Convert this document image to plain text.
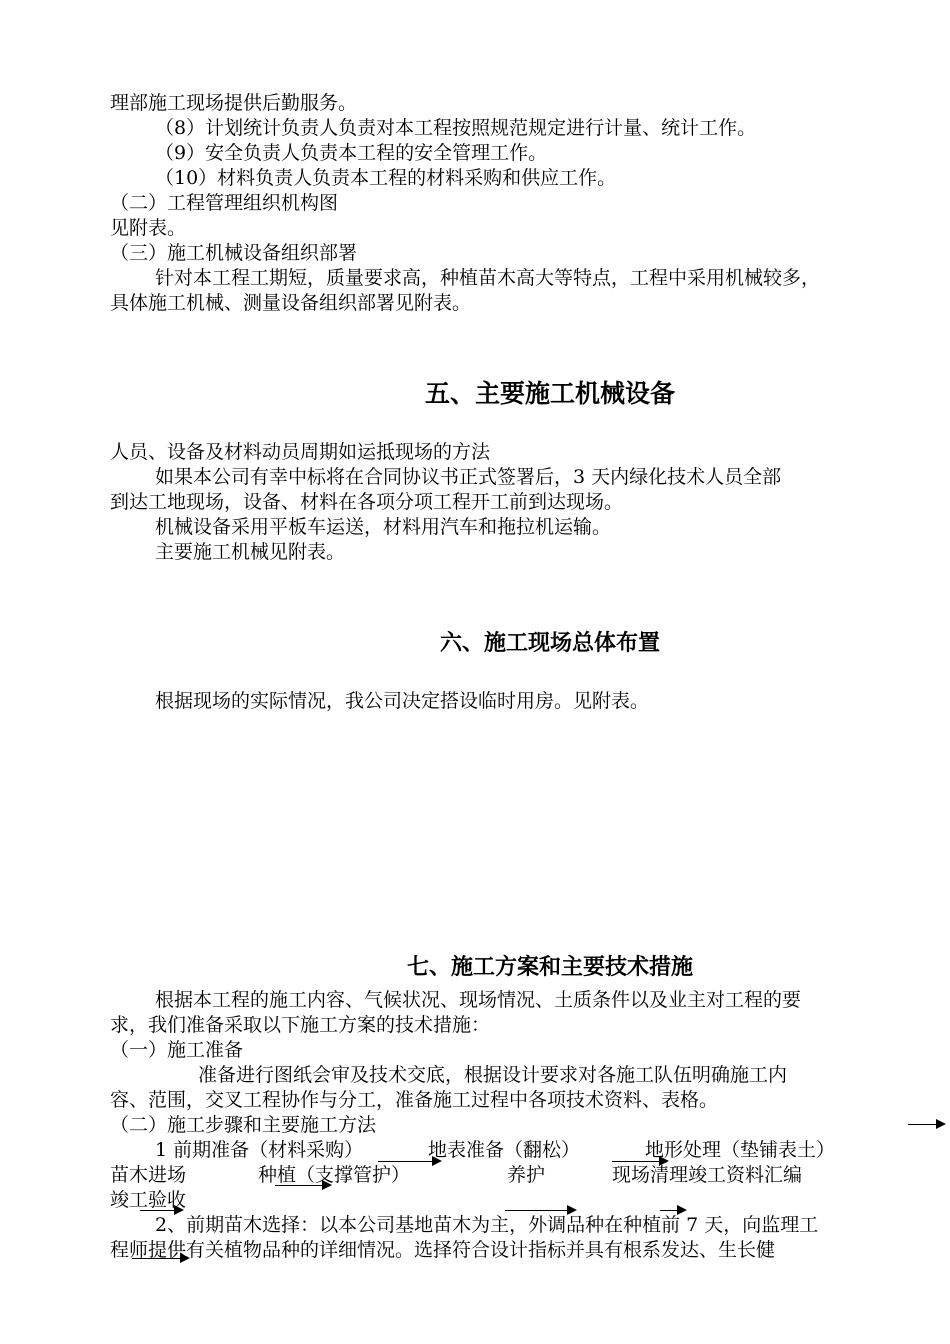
理部施工现场提供后勤服务。
（8）计划统计负责人负责对本工程按照规范规定进行计量、统计工作。
（9）安全负责人负责本工程的安全管理工作。
（10）材料负责人负责本工程的材料采购和供应工作。
（二）工程管理组织机构图
见附表。
（三）施工机械设备组织部署
针对本工程工期短，质量要求高，种植苗木高大等特点，工程中采用机械较多，
具体施工机械、测量设备组织部署见附表。
五、主要施工机械设备
人员、设备及材料动员周期如运抵现场的方法
如果本公司有幸中标将在合同协议书正式签署后，3 天内绿化技术人员全部
到达工地现场，设备、材料在各项分项工程开工前到达现场。
机械设备采用平板车运送，材料用汽车和拖拉机运输。
主要施工机械见附表。
六、施工现场总体布置
根据现场的实际情况，我公司决定搭设临时用房。见附表。
七、施工方案和主要技术措施
根据本工程的施工内容、气候状况、现场情况、土质条件以及业主对工程的要
求，我们准备采取以下施工方案的技术措施：
（一）施工准备
准备进行图纸会审及技术交底，根据设计要求对各施工队伍明确施工内
容、范围，交叉工程协作与分工，准备施工过程中各项技术资料、表格。
（二）施工步骤和主要施工方法
1 前期准备（材料采购）	地表准备（翻松）	地形处理（垫铺表土）
苗木进场	种植（支撑管护）	养护	现场清理竣工资料汇编
竣工验收
2、前期苗木选择：以本公司基地苗木为主，外调品种在种植前 7 天，向监理工
程师提供有关植物品种的详细情况。选择符合设计指标并具有根系发达、生长健
